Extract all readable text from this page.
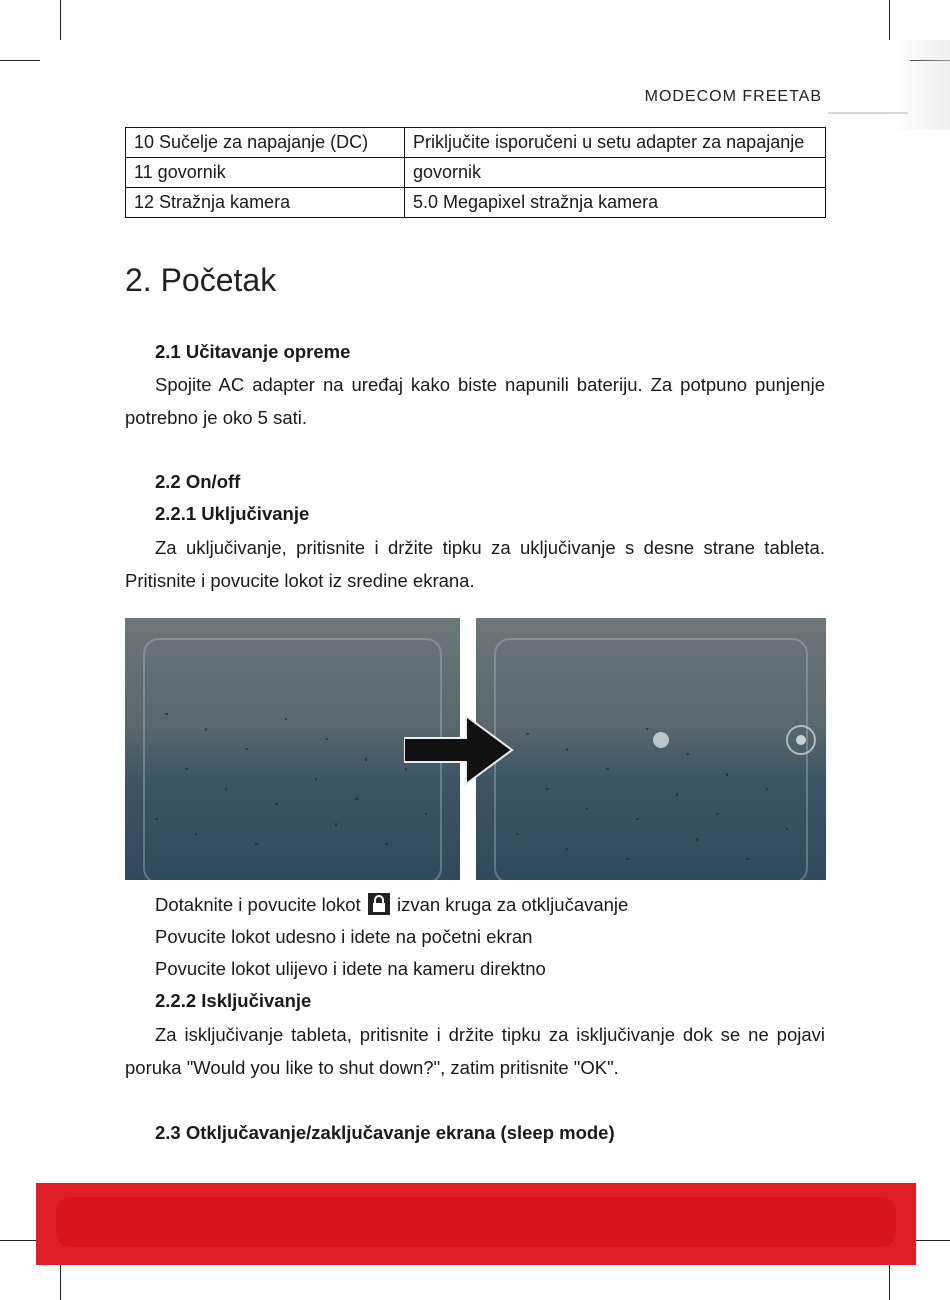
MODECOM FREETAB
10 Sučelje za napajanje (DC)	Priključite isporučeni u setu adapter za napajanje
11 govornik	govornik
12 Stražnja kamera	5.0 Megapixel stražnja kamera
2. Početak
2.1 Učitavanje opreme
Spojite AC adapter na uređaj kako biste napunili bateriju. Za potpuno punjenje potrebno je oko 5 sati.
2.2 On/off
2.2.1 Uključivanje
Za uključivanje, pritisnite i držite tipku za uključivanje s desne strane tableta. Pritisnite i povucite lokot iz sredine ekrana.
Dotaknite i povucite lokot izvan kruga za otključavanje
Povucite lokot udesno i idete na početni ekran
Povucite lokot ulijevo i idete na kameru direktno
2.2.2 Isključivanje
Za isključivanje tableta, pritisnite i držite tipku za isključivanje dok se ne pojavi poruka "Would you like to shut down?", zatim pritisnite "OK".
2.3 Otključavanje/zaključavanje ekrana (sleep mode)
